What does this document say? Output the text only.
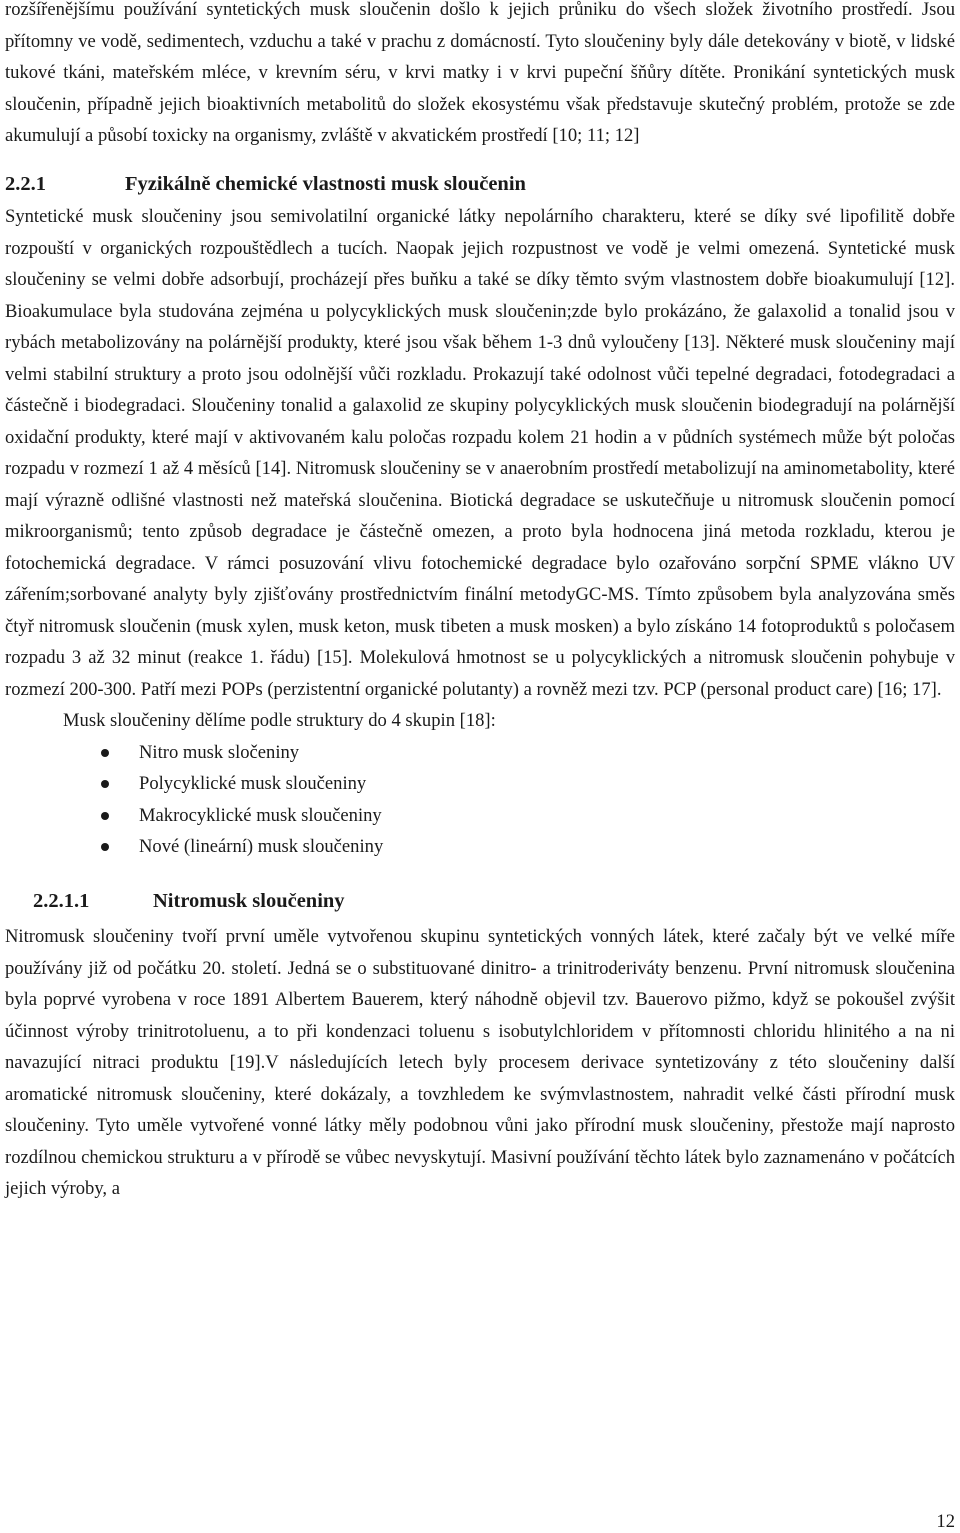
rozšířenějšímu používání syntetických musk sloučenin došlo k jejich průniku do všech složek životního prostředí. Jsou přítomny ve vodě, sedimentech, vzduchu a také v prachu z domácností. Tyto sloučeniny byly dále detekovány v biotě, v lidské tukové tkáni, mateřském mléce, v krevním séru, v krvi matky i v krvi pupeční šňůry dítěte. Pronikání syntetických musk sloučenin, případně jejich bioaktivních metabolitů do složek ekosystému však představuje skutečný problém, protože se zde akumulují a působí toxicky na organismy, zvláště v akvatickém prostředí [10; 11; 12]

2.2.1	Fyzikálně chemické vlastnosti musk sloučenin

Syntetické musk sloučeniny jsou semivolatilní organické látky nepolárního charakteru, které se díky své lipofilitě dobře rozpouští v organických rozpouštědlech a tucích. Naopak jejich rozpustnost ve vodě je velmi omezená. Syntetické musk sloučeniny se velmi dobře adsorbují, procházejí přes buňku a také se díky těmto svým vlastnostem dobře bioakumulují [12]. Bioakumulace byla studována zejména u polycyklických musk sloučenin;zde bylo prokázáno, že galaxolid a tonalid jsou v rybách metabolizovány na polárnější produkty, které jsou však během 1-3 dnů vyloučeny [13]. Některé musk sloučeniny mají velmi stabilní struktury a proto jsou odolnější vůči rozkladu. Prokazují také odolnost vůči tepelné degradaci, fotodegradaci a částečně i biodegradaci. Sloučeniny tonalid a galaxolid ze skupiny polycyklických musk sloučenin biodegradují na polárnější oxidační produkty, které mají v aktivovaném kalu poločas rozpadu kolem 21 hodin a v půdních systémech může být poločas rozpadu v rozmezí 1 až 4 měsíců [14]. Nitromusk sloučeniny se v anaerobním prostředí metabolizují na aminometabolity, které mají výrazně odlišné vlastnosti než mateřská sloučenina. Biotická degradace se uskutečňuje u nitromusk sloučenin pomocí mikroorganismů; tento způsob degradace je částečně omezen, a proto byla hodnocena jiná metoda rozkladu, kterou je fotochemická degradace. V rámci posuzování vlivu fotochemické degradace bylo ozařováno sorpční SPME vlákno UV zářením;sorbované analyty byly zjišťovány prostřednictvím finální metodyGC-MS. Tímto způsobem byla analyzována směs čtyř nitromusk sloučenin (musk xylen, musk keton, musk tibeten a musk mosken) a bylo získáno 14 fotoproduktů s poločasem rozpadu 3 až 32 minut (reakce 1. řádu) [15]. Molekulová hmotnost se u polycyklických a nitromusk sloučenin pohybuje v rozmezí 200-300. Patří mezi POPs (perzistentní organické polutanty) a rovněž mezi tzv. PCP (personal product care) [16; 17].

Musk sloučeniny dělíme podle struktury do 4 skupin [18]:

Nitro musk sločeniny
Polycyklické musk sloučeniny
Makrocyklické musk sloučeniny
Nové (lineární) musk sloučeniny
2.2.1.1	Nitromusk sloučeniny

Nitromusk sloučeniny tvoří první uměle vytvořenou skupinu syntetických vonných látek, které začaly být ve velké míře používány již od počátku 20. století. Jedná se o substituované dinitro- a trinitroderiváty benzenu. První nitromusk sloučenina byla poprvé vyrobena v roce 1891 Albertem Bauerem, který náhodně objevil tzv. Bauerovo pižmo, když se pokoušel zvýšit účinnost výroby trinitrotoluenu, a to při kondenzaci toluenu s isobutylchloridem v přítomnosti chloridu hlinitého a na ni navazující nitraci produktu [19].V následujících letech byly procesem derivace syntetizovány z této sloučeniny další aromatické nitromusk sloučeniny, které dokázaly, a tovzhledem ke svýmvlastnostem, nahradit velké části přírodní musk sloučeniny. Tyto uměle vytvořené vonné látky měly podobnou vůni jako přírodní musk sloučeniny, přestože mají naprosto rozdílnou chemickou strukturu a v přírodě se vůbec nevyskytují. Masivní používání těchto látek bylo zaznamenáno v počátcích jejich výroby, a

12
